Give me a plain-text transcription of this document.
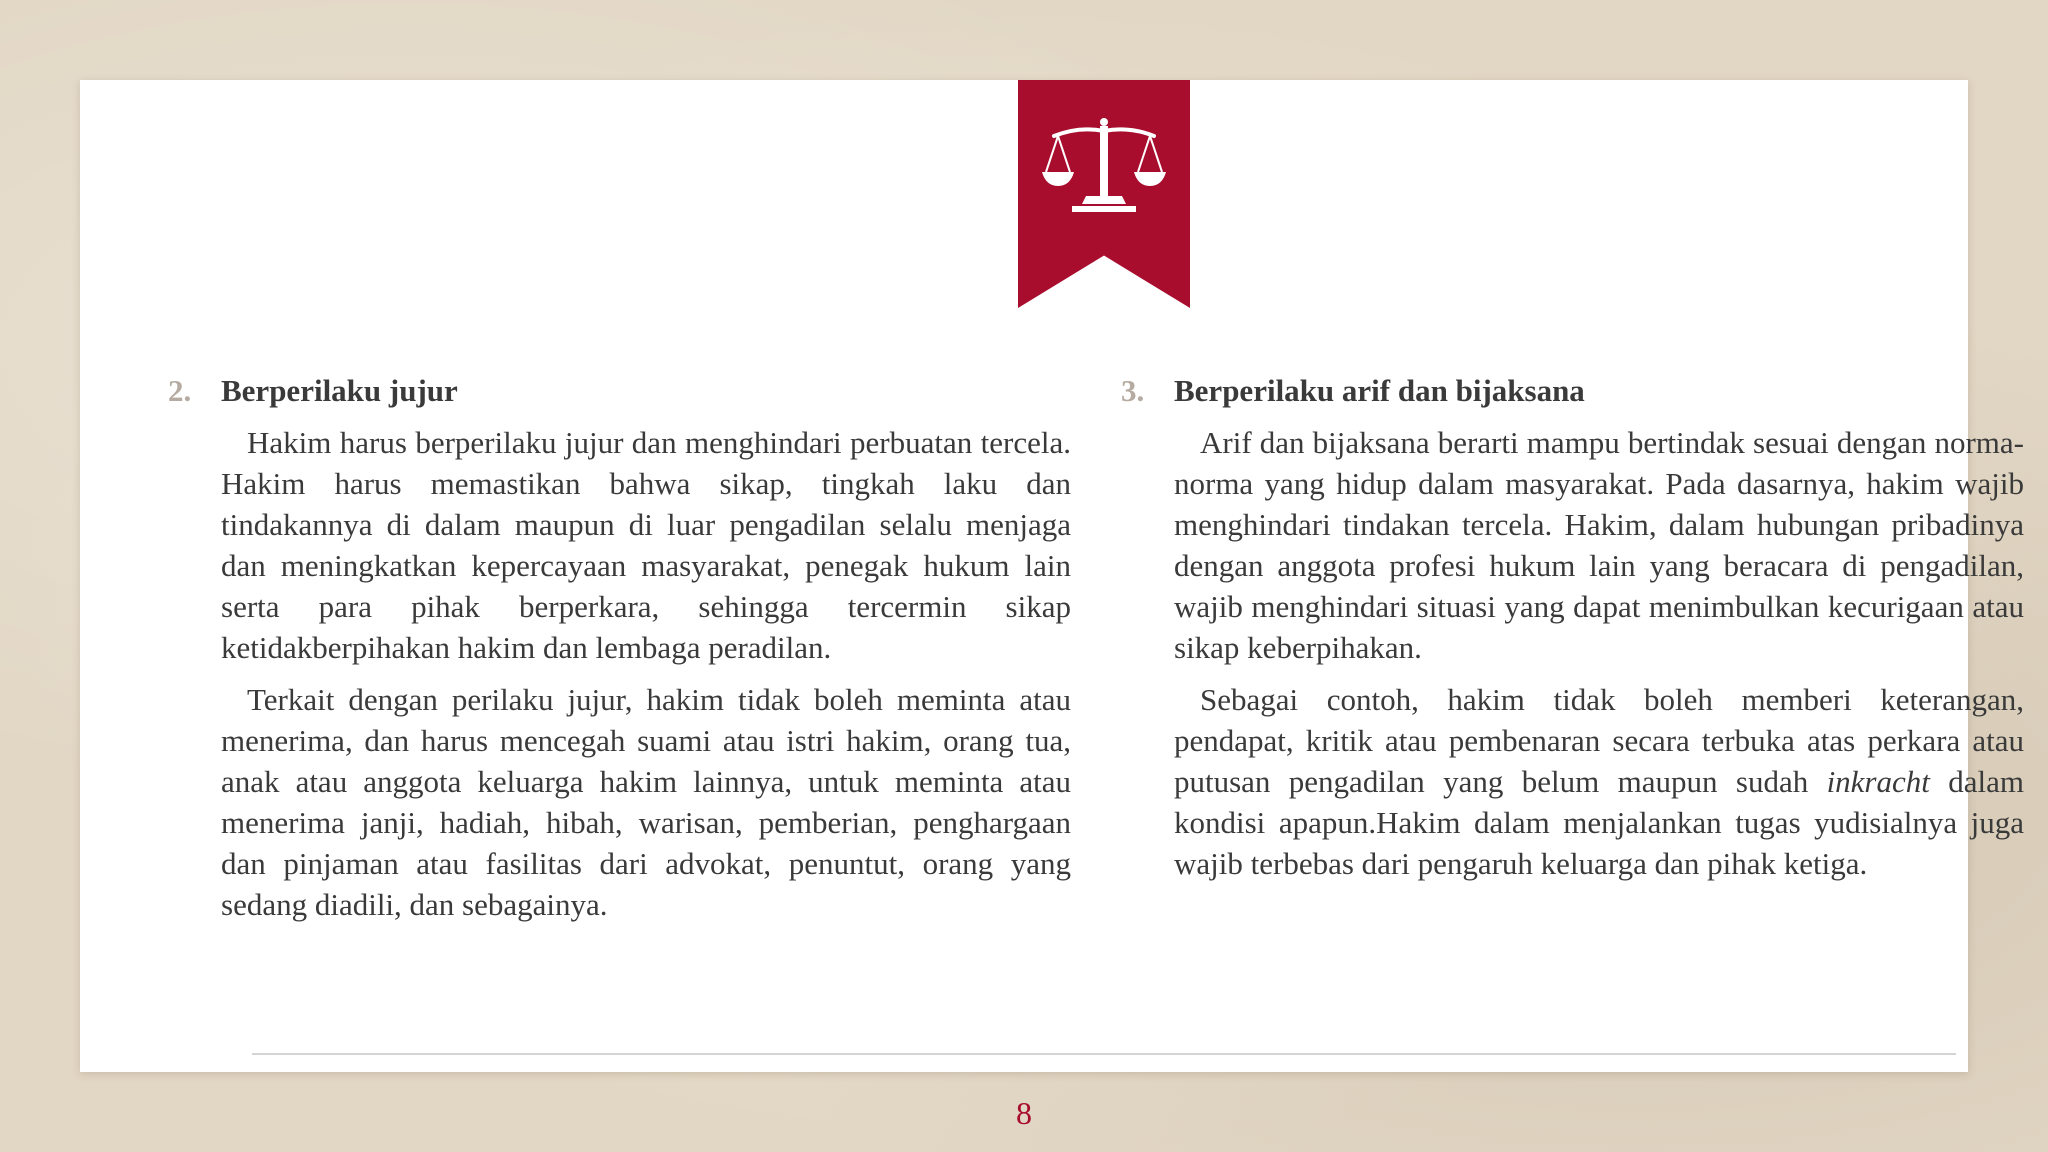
2. Berperilaku jujur

Hakim harus berperilaku jujur dan menghindari perbuatan tercela. Hakim harus memastikan bahwa sikap, tingkah laku dan tindakannya di dalam maupun di luar pengadilan selalu menjaga dan meningkatkan kepercayaan masyarakat, penegak hukum lain serta para pihak berperkara, sehingga tercermin sikap ketidakberpihakan hakim dan lembaga peradilan.

Terkait dengan perilaku jujur, hakim tidak boleh meminta atau menerima, dan harus mencegah suami atau istri hakim, orang tua, anak atau anggota keluarga hakim lainnya, untuk meminta atau menerima janji, hadiah, hibah, warisan, pemberian, penghargaan dan pinjaman atau fasilitas dari advokat, penuntut, orang yang sedang diadili, dan sebagainya.

3. Berperilaku arif dan bijaksana

Arif dan bijaksana berarti mampu bertindak sesuai dengan norma-norma yang hidup dalam masyarakat. Pada dasarnya, hakim wajib menghindari tindakan tercela. Hakim, dalam hubungan pribadinya dengan anggota profesi hukum lain yang beracara di pengadilan, wajib menghindari situasi yang dapat menimbulkan kecurigaan atau sikap keberpihakan.

Sebagai contoh, hakim tidak boleh memberi keterangan, pendapat, kritik atau pembenaran secara terbuka atas perkara atau putusan pengadilan yang belum maupun sudah inkracht dalam kondisi apapun.Hakim dalam menjalankan tugas yudisialnya juga wajib terbebas dari pengaruh keluarga dan pihak ketiga.

8
